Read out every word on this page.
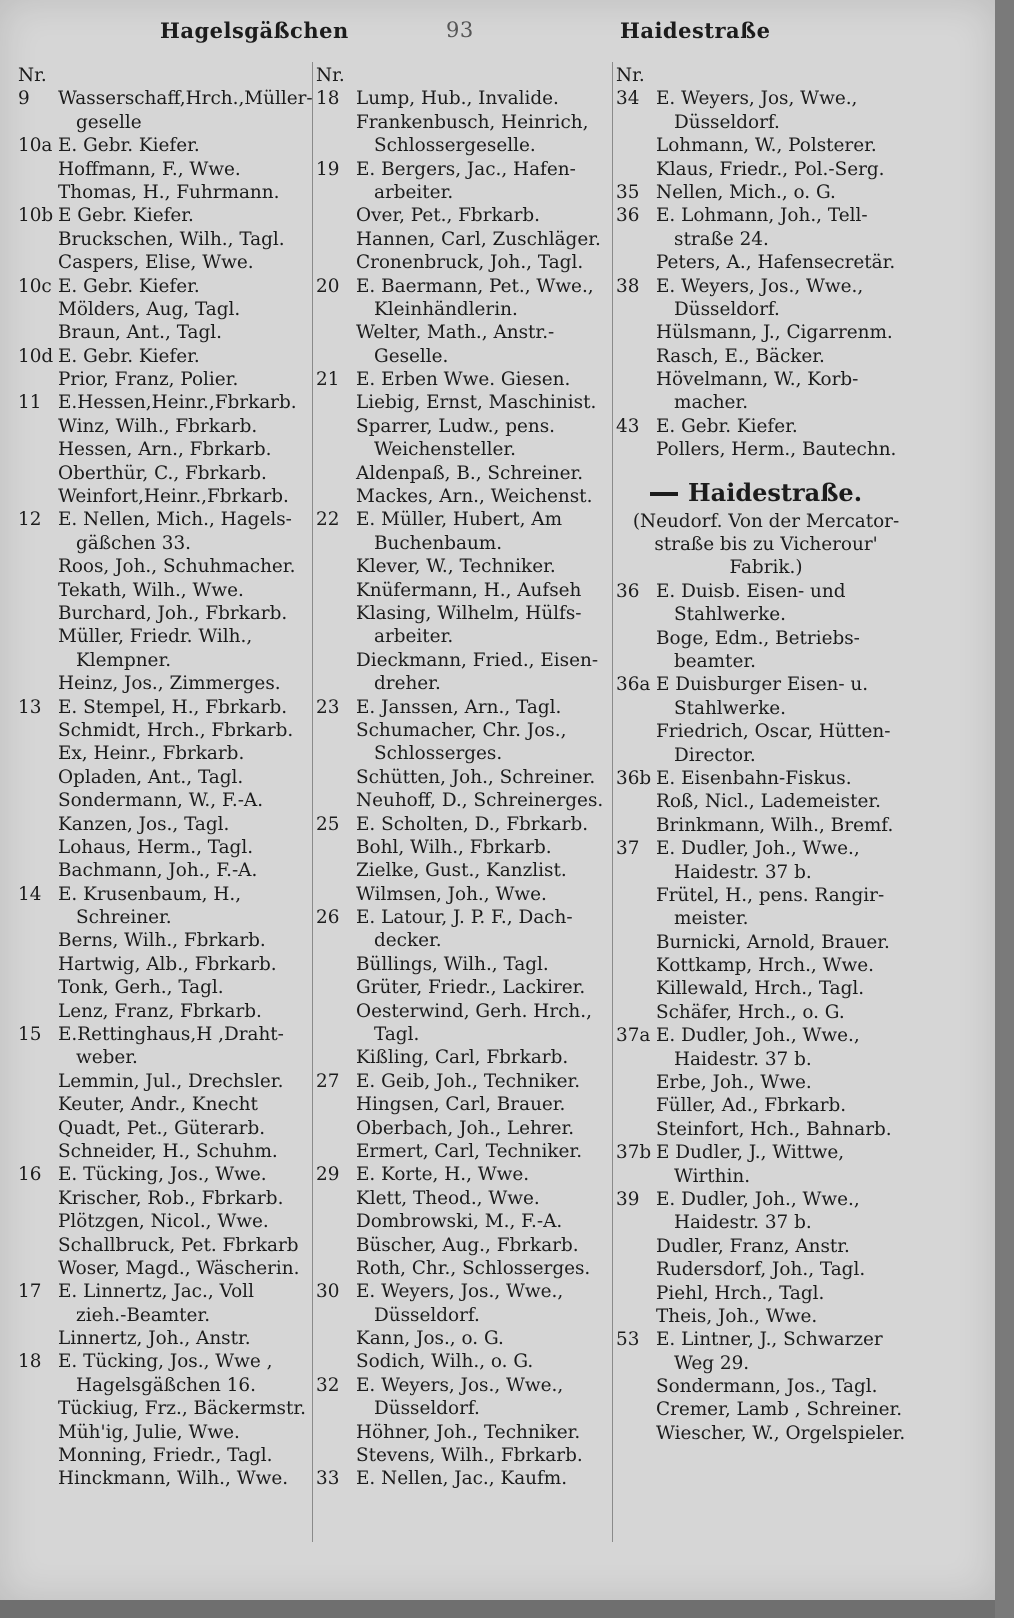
Hagelsgäßchen	93	Haidestraße
Nr.
9	Wasserschaff,Hrch.,Müller-
geselle
10a E. Gebr. Kiefer.
Hoffmann, F., Wwe.
Thomas, H., Fuhrmann.
10b E Gebr. Kiefer.
Bruckschen, Wilh., Tagl.
Caspers, Elise, Wwe.
10c E. Gebr. Kiefer.
Mölders, Aug, Tagl.
Braun, Ant., Tagl.
10d E. Gebr. Kiefer.
Prior, Franz, Polier.
11 E.Hessen,Heinr.,Fbrkarb.
Winz, Wilh., Fbrkarb.
Hessen, Arn., Fbrkarb.
Oberthür, C., Fbrkarb.
Weinfort,Heinr.,Fbrkarb.
12 E. Nellen, Mich., Hagels-
gäßchen 33.
Roos, Joh., Schuhmacher.
Tekath, Wilh., Wwe.
Burchard, Joh., Fbrkarb.
Müller, Friedr. Wilh.,
Klempner.
Heinz, Jos., Zimmerges.
13 E. Stempel, H., Fbrkarb.
Schmidt, Hrch., Fbrkarb.
Ex, Heinr., Fbrkarb.
Opladen, Ant., Tagl.
Sondermann, W., F.-A.
Kanzen, Jos., Tagl.
Lohaus, Herm., Tagl.
Bachmann, Joh., F.-A.
14 E. Krusenbaum, H.,
Schreiner.
Berns, Wilh., Fbrkarb.
Hartwig, Alb., Fbrkarb.
Tonk, Gerh., Tagl.
Lenz, Franz, Fbrkarb.
15 E.Rettinghaus,H ,Draht-
weber.
Lemmin, Jul., Drechsler.
Keuter, Andr., Knecht
Quadt, Pet., Güterarb.
Schneider, H., Schuhm.
16 E. Tücking, Jos., Wwe.
Krischer, Rob., Fbrkarb.
Plötzgen, Nicol., Wwe.
Schallbruck, Pet. Fbrkarb
Woser, Magd., Wäscherin.
17 E. Linnertz, Jac., Voll
zieh.-Beamter.
Linnertz, Joh., Anstr.
18 E. Tücking, Jos., Wwe ,
Hagelsgäßchen 16.
Tückiug, Frz., Bäckermstr.
Müh'ig, Julie, Wwe.
Monning, Friedr., Tagl.
Hinckmann, Wilh., Wwe.
Nr.
18 Lump, Hub., Invalide.
Frankenbusch, Heinrich,
Schlossergeselle.
19 E. Bergers, Jac., Hafen-
arbeiter.
Over, Pet., Fbrkarb.
Hannen, Carl, Zuschläger.
Cronenbruck, Joh., Tagl.
20 E. Baermann, Pet., Wwe.,
Kleinhändlerin.
Welter, Math., Anstr.-
Geselle.
21 E. Erben Wwe. Giesen.
Liebig, Ernst, Maschinist.
Sparrer, Ludw., pens.
Weichensteller.
Aldenpaß, B., Schreiner.
Mackes, Arn., Weichenst.
22 E. Müller, Hubert, Am
Buchenbaum.
Klever, W., Techniker.
Knüfermann, H., Aufseh
Klasing, Wilhelm, Hülfs-
arbeiter.
Dieckmann, Fried., Eisen-
dreher.
23 E. Janssen, Arn., Tagl.
Schumacher, Chr. Jos.,
Schlosserges.
Schütten, Joh., Schreiner.
Neuhoff, D., Schreinerges.
25 E. Scholten, D., Fbrkarb.
Bohl, Wilh., Fbrkarb.
Zielke, Gust., Kanzlist.
Wilmsen, Joh., Wwe.
26 E. Latour, J. P. F., Dach-
decker.
Büllings, Wilh., Tagl.
Grüter, Friedr., Lackirer.
Oesterwind, Gerh. Hrch.,
Tagl.
Kißling, Carl, Fbrkarb.
27 E. Geib, Joh., Techniker.
Hingsen, Carl, Brauer.
Oberbach, Joh., Lehrer.
Ermert, Carl, Techniker.
29 E. Korte, H., Wwe.
Klett, Theod., Wwe.
Dombrowski, M., F.-A.
Büscher, Aug., Fbrkarb.
Roth, Chr., Schlosserges.
30 E. Weyers, Jos., Wwe.,
Düsseldorf.
Kann, Jos., o. G.
Sodich, Wilh., o. G.
32 E. Weyers, Jos., Wwe.,
Düsseldorf.
Höhner, Joh., Techniker.
Stevens, Wilh., Fbrkarb.
33 E. Nellen, Jac., Kaufm.
Nr.
34 E. Weyers, Jos, Wwe.,
Düsseldorf.
Lohmann, W., Polsterer.
Klaus, Friedr., Pol.-Serg.
35 Nellen, Mich., o. G.
36 E. Lohmann, Joh., Tell-
straße 24.
Peters, A., Hafensecretär.
38 E. Weyers, Jos., Wwe.,
Düsseldorf.
Hülsmann, J., Cigarrenm.
Rasch, E., Bäcker.
Hövelmann, W., Korb-
macher.
43 E. Gebr. Kiefer.
Pollers, Herm., Bautechn.
Haidestraße.
(Neudorf. Von der Mercator-
straße bis zu Vicherour'
Fabrik.)
36 E. Duisb. Eisen- und
Stahlwerke.
Boge, Edm., Betriebs-
beamter.
36a E Duisburger Eisen- u.
Stahlwerke.
Friedrich, Oscar, Hütten-
Director.
36b E. Eisenbahn-Fiskus.
Roß, Nicl., Lademeister.
Brinkmann, Wilh., Bremf.
37 E. Dudler, Joh., Wwe.,
Haidestr. 37 b.
Frütel, H., pens. Rangir-
meister.
Burnicki, Arnold, Brauer.
Kottkamp, Hrch., Wwe.
Killewald, Hrch., Tagl.
Schäfer, Hrch., o. G.
37a E. Dudler, Joh., Wwe.,
Haidestr. 37 b.
Erbe, Joh., Wwe.
Füller, Ad., Fbrkarb.
Steinfort, Hch., Bahnarb.
37b E Dudler, J., Wittwe,
Wirthin.
39 E. Dudler, Joh., Wwe.,
Haidestr. 37 b.
Dudler, Franz, Anstr.
Rudersdorf, Joh., Tagl.
Piehl, Hrch., Tagl.
Theis, Joh., Wwe.
53 E. Lintner, J., Schwarzer
Weg 29.
Sondermann, Jos., Tagl.
Cremer, Lamb , Schreiner.
Wiescher, W., Orgelspieler.
